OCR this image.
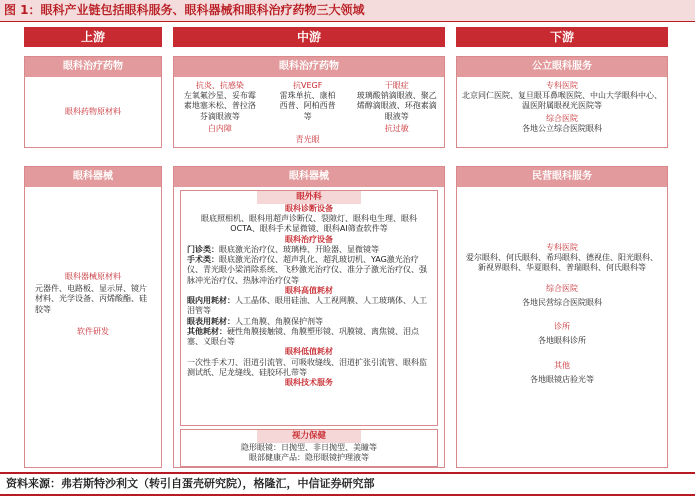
图 1：眼科产业链包括眼科服务、眼科器械和眼科治疗药物三大领域
上游	中游	下游
眼科治疗药物
眼科药物原材料
眼科器械
眼科器械原材料
元器件、电路板、显示屏、镜片材料、光学设备、丙烯酸酯、硅胶等
软件研发
眼科治疗药物
抗炎、抗感染
左氧氟沙星、妥布霉素地塞米松、普拉洛芬滴眼液等
白内障
抗VEGF
雷珠单抗、康柏西普、阿柏西普等
青光眼
干眼症
玻璃酸钠滴眼液、聚乙烯醇滴眼液、环孢素滴眼液等
抗过敏
眼科器械
眼外科
眼科诊断设备
眼底照相机、眼科用超声诊断仪、裂隙灯、眼科电生理、眼科OCTA、眼科手术显微镜、眼科AI筛查软件等
眼科治疗设备
门诊类：眼底激光治疗仪、玻璃棒、开睑器、显微镜等
手术类：眼底激光治疗仪、超声乳化、超乳玻切机、YAG激光治疗仪、青光眼小梁消除系统、飞秒激光治疗仪、准分子激光治疗仪、强脉冲光治疗仪、热脉冲治疗仪等
眼科高值耗材
眼内用耗材：人工晶体、眼用硅油、人工视网膜、人工玻璃体、人工泪管等
眼表用耗材：人工角膜、角膜保护剂等
其他耗材：硬性角膜接触镜、角膜塑形镜、巩膜镜、离焦镜、泪点塞、义眼台等
眼科低值耗材
一次性手术刀、泪道引流管、可吸收缝线、泪道扩张引流管、眼科监测试纸、尼龙缝线、硅胶环扎带等
眼科技术服务
视力保健
隐形眼镜：日抛型、非日抛型、美瞳等
眼部健康产品：隐形眼镜护理液等
公立眼科服务
专科医院
北京同仁医院、复旦眼耳鼻喉医院、中山大学眼科中心、温医附属眼视光医院等
综合医院
各地公立综合医院眼科
民营眼科服务
专科医院
爱尔眼科、何氏眼科、希玛眼科、德视佳、阳光眼科、新视界眼科、华夏眼科、普瑞眼科、何氏眼科等
综合医院
各地民营综合医院眼科
诊所
各地眼科诊所
其他
各地眼镜店验光等
资料来源：弗若斯特沙利文（转引自蛋壳研究院），格隆汇，中信证券研究部
